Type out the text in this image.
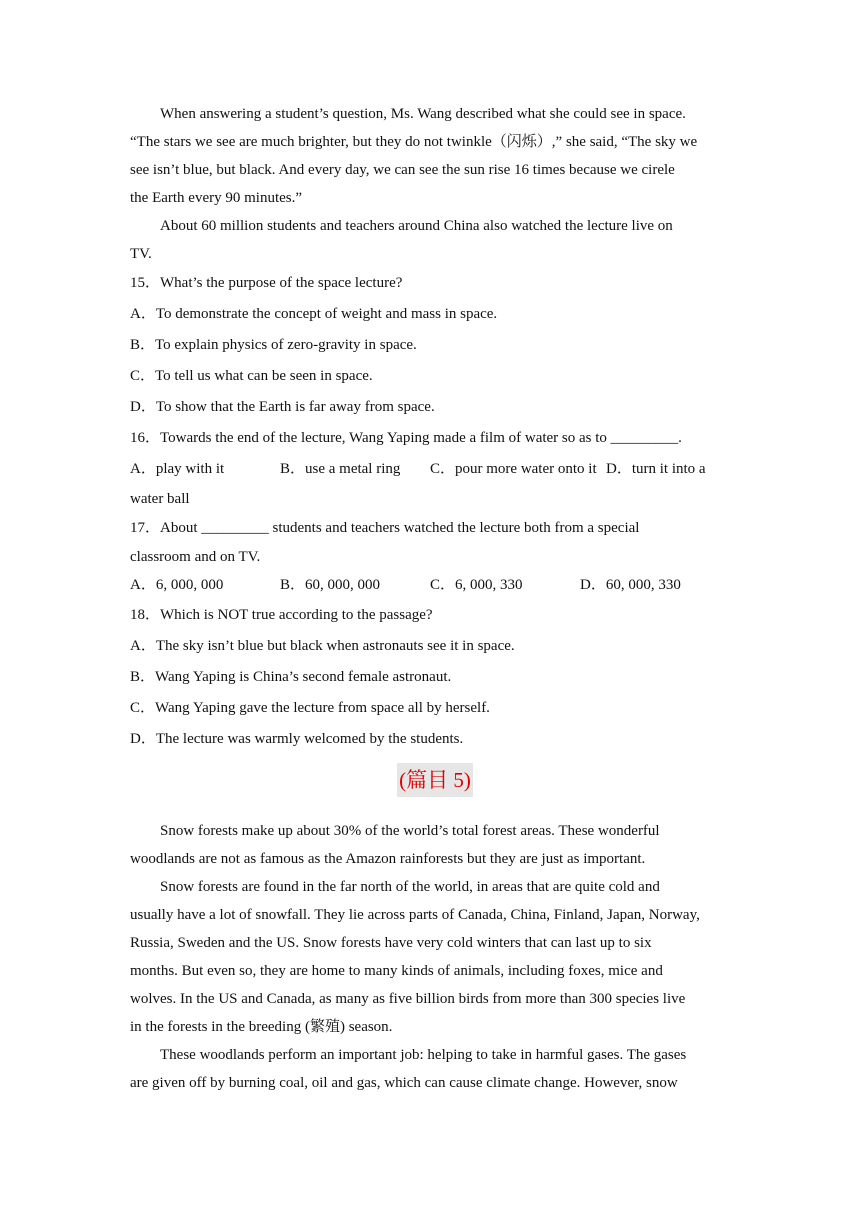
When answering a student’s question, Ms. Wang described what she could see in space.

“The stars we see are much brighter, but they do not twinkle（闪烁）,” she said, “The sky we

see isn’t blue, but black. And every day, we can see the sun rise 16 times because we cirele

the Earth every 90 minutes.”

About 60 million students and teachers around China also watched the lecture live on

TV.

15．What’s the purpose of the space lecture?

A．To demonstrate the concept of weight and mass in space.

B．To explain physics of zero-gravity in space.

C．To tell us what can be seen in space.

D．To show that the Earth is far away from space.

16．Towards the end of the lecture, Wang Yaping made a film of water so as to _________.

A．play with it	B．use a metal ring C．pour more water onto it D．turn it into a

water ball

17．About _________ students and teachers watched the lecture both from a special

classroom and on TV.

A．6, 000, 000	B．60, 000, 000	C．6, 000, 330	D．60, 000, 330

18．Which is NOT true according to the passage?

A．The sky isn’t blue but black when astronauts see it in space.

B．Wang Yaping is China’s second female astronaut.

C．Wang Yaping gave the lecture from space all by herself.

D．The lecture was warmly welcomed by the students.

(篇目 5)

Snow forests make up about 30% of the world’s total forest areas. These wonderful

woodlands are not as famous as the Amazon rainforests but they are just as important.

Snow forests are found in the far north of the world, in areas that are quite cold and

usually have a lot of snowfall. They lie across parts of Canada, China, Finland, Japan, Norway,

Russia, Sweden and the US. Snow forests have very cold winters that can last up to six

months. But even so, they are home to many kinds of animals, including foxes, mice and

wolves. In the US and Canada, as many as five billion birds from more than 300 species live

in the forests in the breeding (繁殖) season.

These woodlands perform an important job: helping to take in harmful gases. The gases

are given off by burning coal, oil and gas, which can cause climate change. However, snow
